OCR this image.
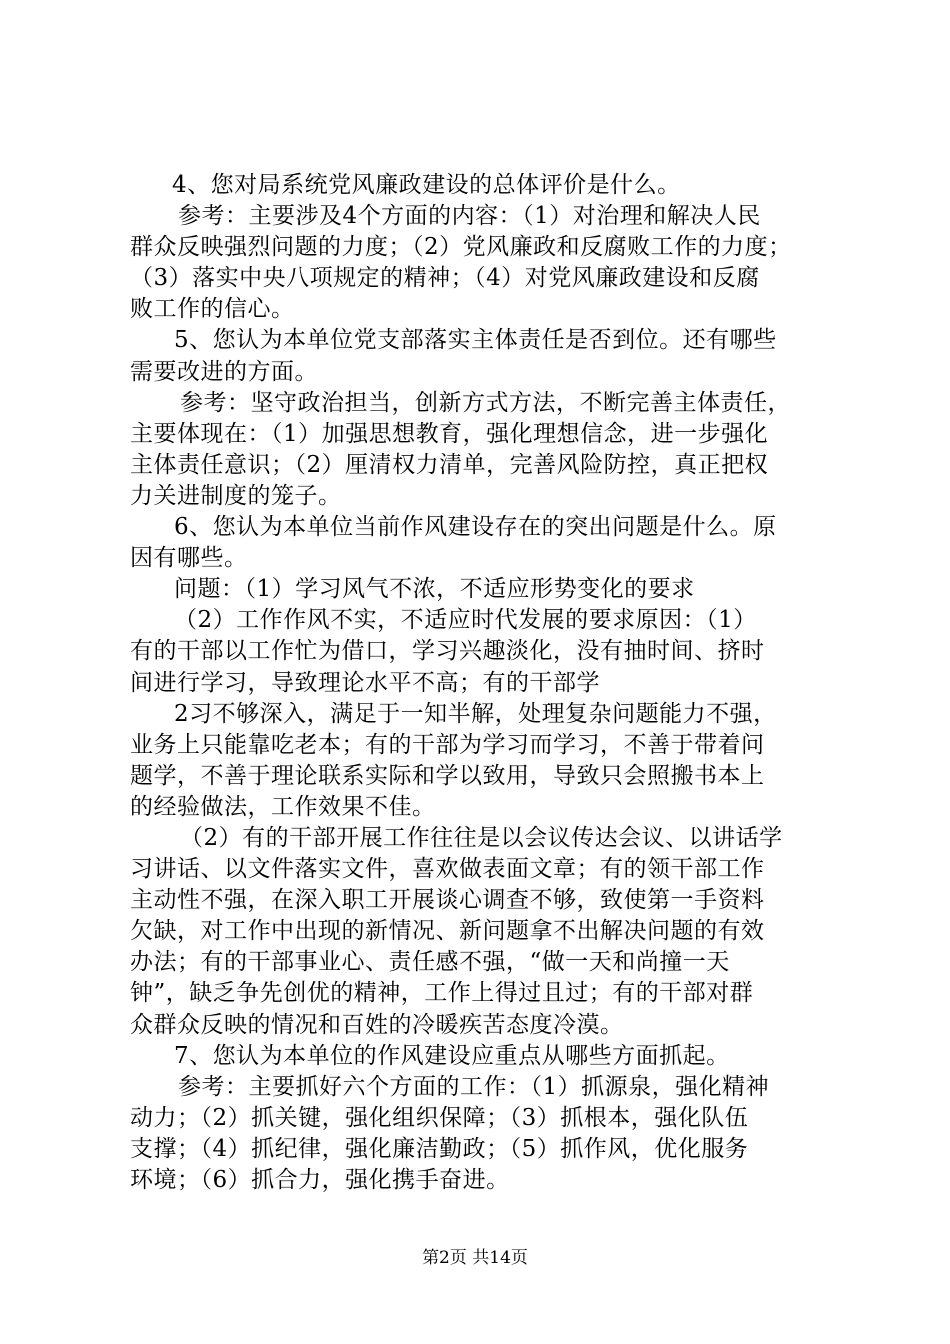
4、您对局系统党风廉政建设的总体评价是什么。
参考：主要涉及4个方面的内容：（1）对治理和解决人民
群众反映强烈问题的力度；（2）党风廉政和反腐败工作的力度；
（3）落实中央八项规定的精神；（4）对党风廉政建设和反腐
败工作的信心。
5、您认为本单位党支部落实主体责任是否到位。还有哪些
需要改进的方面。
参考：坚守政治担当，创新方式方法，不断完善主体责任，
主要体现在：（1）加强思想教育，强化理想信念，进一步强化
主体责任意识；（2）厘清权力清单，完善风险防控，真正把权
力关进制度的笼子。
6、您认为本单位当前作风建设存在的突出问题是什么。原
因有哪些。
问题：（1）学习风气不浓，不适应形势变化的要求
（2）工作作风不实，不适应时代发展的要求原因：（1）
有的干部以工作忙为借口，学习兴趣淡化，没有抽时间、挤时
间进行学习，导致理论水平不高；有的干部学
2习不够深入，满足于一知半解，处理复杂问题能力不强，
业务上只能靠吃老本；有的干部为学习而学习，不善于带着问
题学，不善于理论联系实际和学以致用，导致只会照搬书本上
的经验做法，工作效果不佳。
（2）有的干部开展工作往往是以会议传达会议、以讲话学
习讲话、以文件落实文件，喜欢做表面文章；有的领干部工作
主动性不强，在深入职工开展谈心调查不够，致使第一手资料
欠缺，对工作中出现的新情况、新问题拿不出解决问题的有效
办法；有的干部事业心、责任感不强，“做一天和尚撞一天
钟”，缺乏争先创优的精神，工作上得过且过；有的干部对群
众群众反映的情况和百姓的冷暖疾苦态度冷漠。
7、您认为本单位的作风建设应重点从哪些方面抓起。
参考：主要抓好六个方面的工作：（1）抓源泉，强化精神
动力；（2）抓关键，强化组织保障；（3）抓根本，强化队伍
支撑；（4）抓纪律，强化廉洁勤政；（5）抓作风，优化服务
环境；（6）抓合力，强化携手奋进。
第2页 共14页
